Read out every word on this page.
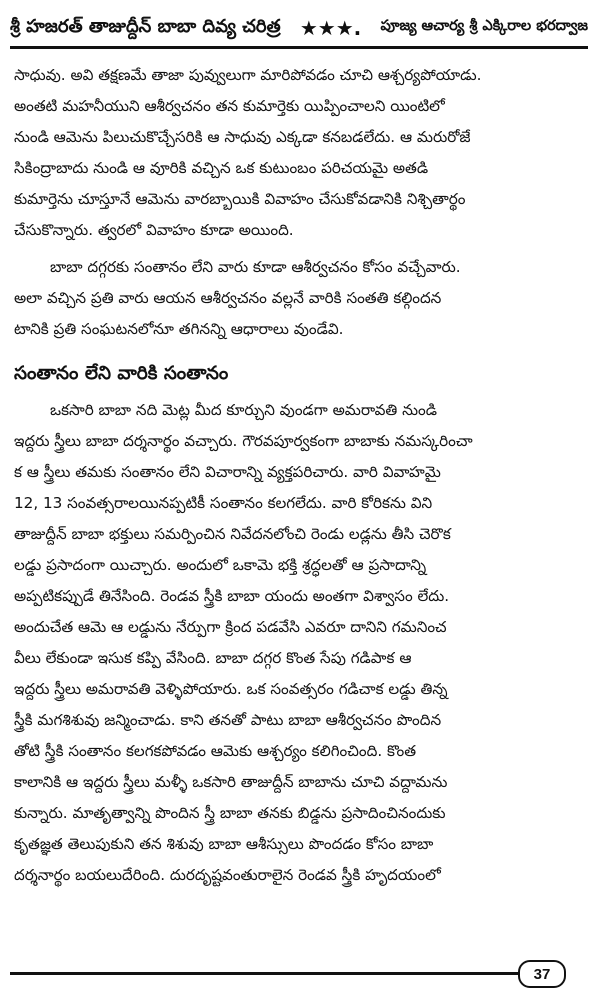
శ్రీ హజరత్ తాజుద్దీన్ బాబా దివ్య చరిత్ర ★★★. పూజ్య ఆచార్య శ్రీ ఎక్కిరాల భరద్వాజ

సాధువు. అవి తక్షణమే తాజా పువ్వులుగా మారిపోవడం చూచి ఆశ్చర్యపోయాడు.
అంతటి మహనీయుని ఆశీర్వచనం తన కుమార్తెకు యిప్పించాలని యింటిలో
నుండి ఆమెను పిలుచుకొచ్చేసరికి ఆ సాధువు ఎక్కడా కనబడలేదు. ఆ మరురోజే
సికింద్రాబాదు నుండి ఆ వూరికి వచ్చిన ఒక కుటుంబం పరిచయమై అతడి
కుమార్తెను చూస్తూనే ఆమెను వారబ్బాయికి వివాహం చేసుకోవడానికి నిశ్చితార్థం
చేసుకొన్నారు. త్వరలో వివాహం కూడా అయింది.

బాబా దగ్గరకు సంతానం లేని వారు కూడా ఆశీర్వచనం కోసం వచ్చేవారు.
అలా వచ్చిన ప్రతి వారు ఆయన ఆశీర్వచనం వల్లనే వారికి సంతతి కల్గిందన
టానికి ప్రతి సంఘటనలోనూ తగినన్ని ఆధారాలు వుండేవి.

సంతానం లేని వారికి సంతానం

ఒకసారి బాబా నది మెట్ల మీద కూర్చుని వుండగా అమరావతి నుండి
ఇద్దరు స్త్రీలు బాబా దర్శనార్థం వచ్చారు. గౌరవపూర్వకంగా బాబాకు నమస్కరించా
క ఆ స్త్రీలు తమకు సంతానం లేని విచారాన్ని వ్యక్తపరిచారు. వారి వివాహమై
12, 13 సంవత్సరాలయినప్పటికీ సంతానం కలగలేదు. వారి కోరికను విని
తాజుద్దీన్ బాబా భక్తులు సమర్పించిన నివేదనలోంచి రెండు లడ్లను తీసి చెరొక
లడ్డు ప్రసాదంగా యిచ్చారు. అందులో ఒకామె భక్తి శ్రద్ధలతో ఆ ప్రసాదాన్ని
అప్పటికప్పుడే తినేసింది. రెండవ స్త్రీకి బాబా యందు అంతగా విశ్వాసం లేదు.
అందుచేత ఆమె ఆ లడ్డును నేర్పుగా క్రింద పడవేసి ఎవరూ దానిని గమనించ
వీలు లేకుండా ఇసుక కప్పి వేసింది. బాబా దగ్గర కొంత సేపు గడిపాక ఆ
ఇద్దరు స్త్రీలు అమరావతి వెళ్ళిపోయారు. ఒక సంవత్సరం గడిచాక లడ్డు తిన్న
స్త్రీకి మగశిశువు జన్మించాడు. కాని తనతో పాటు బాబా ఆశీర్వచనం పొందిన
తోటి స్త్రీకి సంతానం కలగకపోవడం ఆమెకు ఆశ్చర్యం కలిగించింది. కొంత
కాలానికి ఆ ఇద్దరు స్త్రీలు మళ్ళీ ఒకసారి తాజుద్దీన్ బాబాను చూచి వద్దామను
కున్నారు. మాతృత్వాన్ని పొందిన స్త్రీ బాబా తనకు బిడ్డను ప్రసాదించినందుకు
కృతజ్ఞత తెలుపుకుని తన శిశువు బాబా ఆశీస్సులు పొందడం కోసం బాబా
దర్శనార్థం బయలుదేరింది. దురదృష్టవంతురాలైన రెండవ స్త్రీకి హృదయంలో

37
